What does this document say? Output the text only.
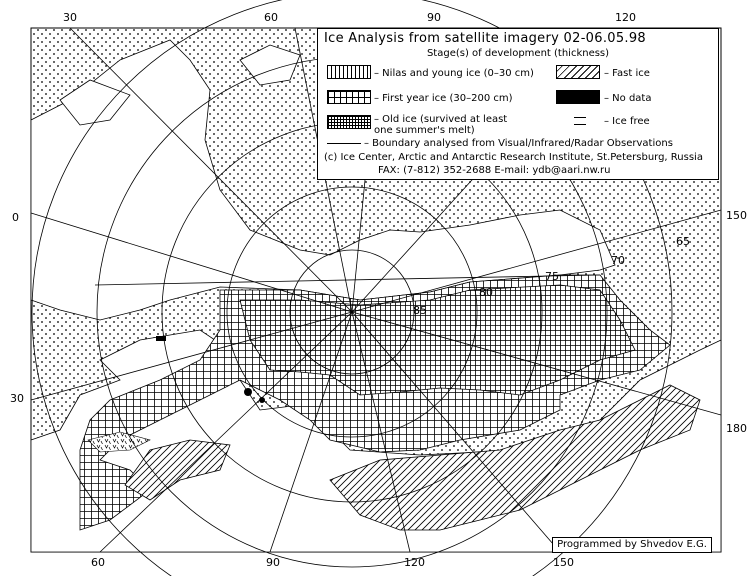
30	60	90	120
60	90	120	150
0
30
150
180
65
70
75
80
85
Ice Analysis from satellite imagery 02-06.05.98
Stage(s) of development (thickness)
– Nilas and young ice (0–30 cm)
– First year ice (30–200 cm)
– Old ice (survived at least
one summer's melt)
– Fast ice
– No data
– Ice free
– Boundary analysed from Visual/Infrared/Radar Observations
(c) Ice Center, Arctic and Antarctic Research Institute, St.Petersburg, Russia
FAX: (7-812) 352-2688 E-mail: ydb@aari.nw.ru
Programmed by Shvedov E.G.
